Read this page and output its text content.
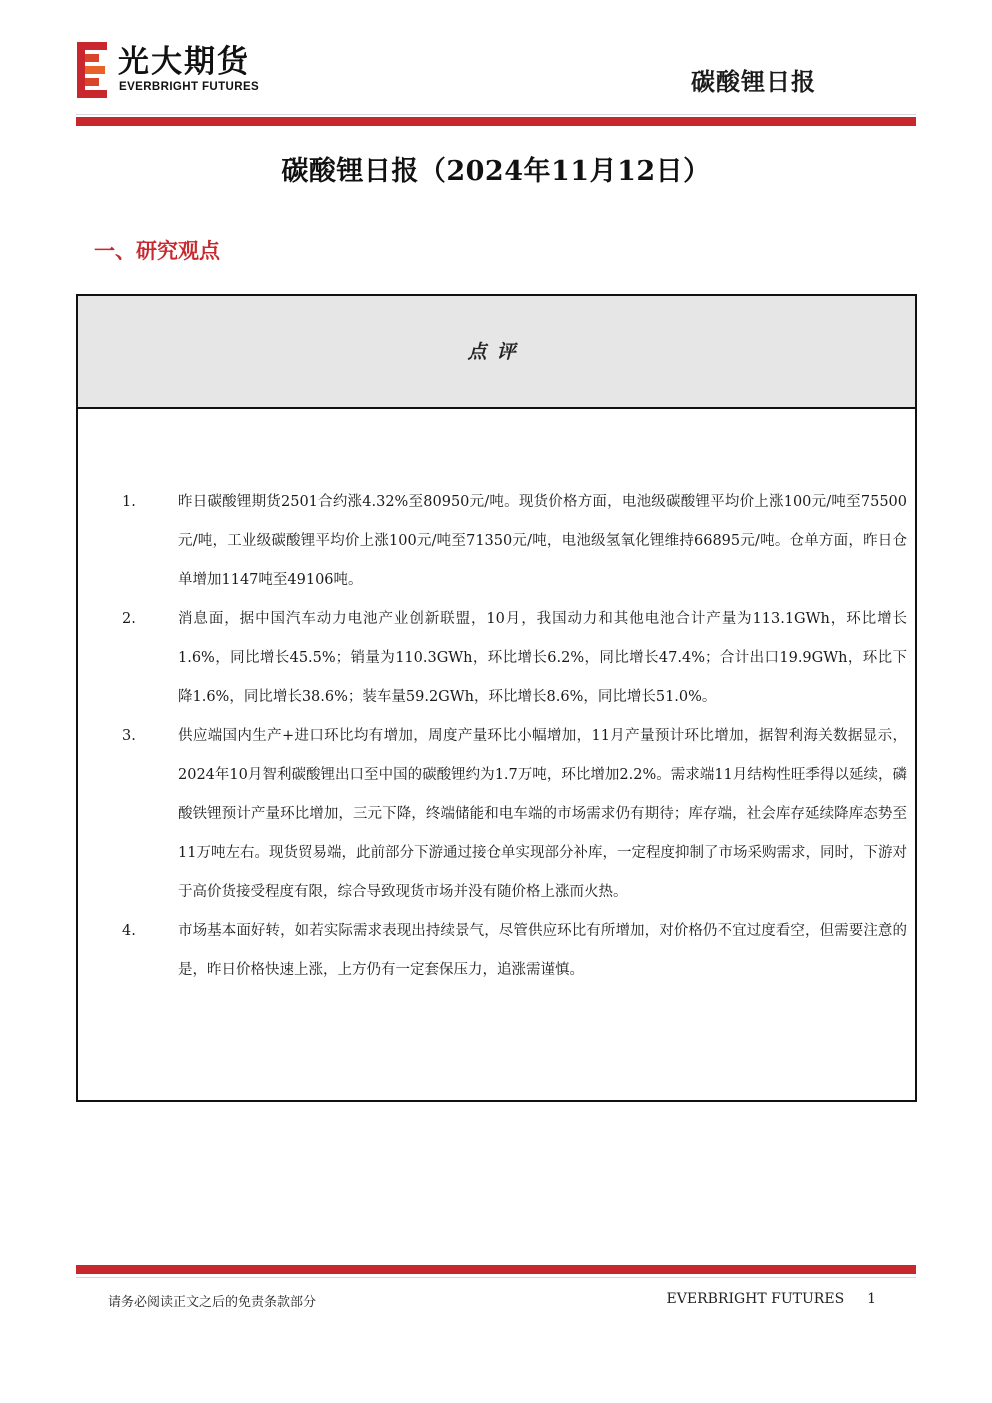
光大期货
EVERBRIGHT FUTURES	碳酸锂日报
碳酸锂日报（2024年11月12日）
一、研究观点
点评
1.	昨日碳酸锂期货2501合约涨4.32%至80950元/吨。现货价格方面，电池级碳酸锂平均价上涨100元/吨至75500元/吨，工业级碳酸锂平均价上涨100元/吨至71350元/吨，电池级氢氧化锂维持66895元/吨。仓单方面，昨日仓单增加1147吨至49106吨。
2.	消息面，据中国汽车动力电池产业创新联盟，10月，我国动力和其他电池合计产量为113.1GWh，环比增长1.6%，同比增长45.5%；销量为110.3GWh，环比增长6.2%，同比增长47.4%；合计出口19.9GWh，环比下降1.6%，同比增长38.6%；装车量59.2GWh，环比增长8.6%，同比增长51.0%。
3.	供应端国内生产+进口环比均有增加，周度产量环比小幅增加，11月产量预计环比增加，据智利海关数据显示，2024年10月智利碳酸锂出口至中国的碳酸锂约为1.7万吨，环比增加2.2%。需求端11月结构性旺季得以延续，磷酸铁锂预计产量环比增加，三元下降，终端储能和电车端的市场需求仍有期待；库存端，社会库存延续降库态势至11万吨左右。现货贸易端，此前部分下游通过接仓单实现部分补库，一定程度抑制了市场采购需求，同时，下游对于高价货接受程度有限，综合导致现货市场并没有随价格上涨而火热。
4.	市场基本面好转，如若实际需求表现出持续景气，尽管供应环比有所增加，对价格仍不宜过度看空，但需要注意的是，昨日价格快速上涨，上方仍有一定套保压力，追涨需谨慎。
请务必阅读正文之后的免责条款部分	EVERBRIGHT FUTURES 1
